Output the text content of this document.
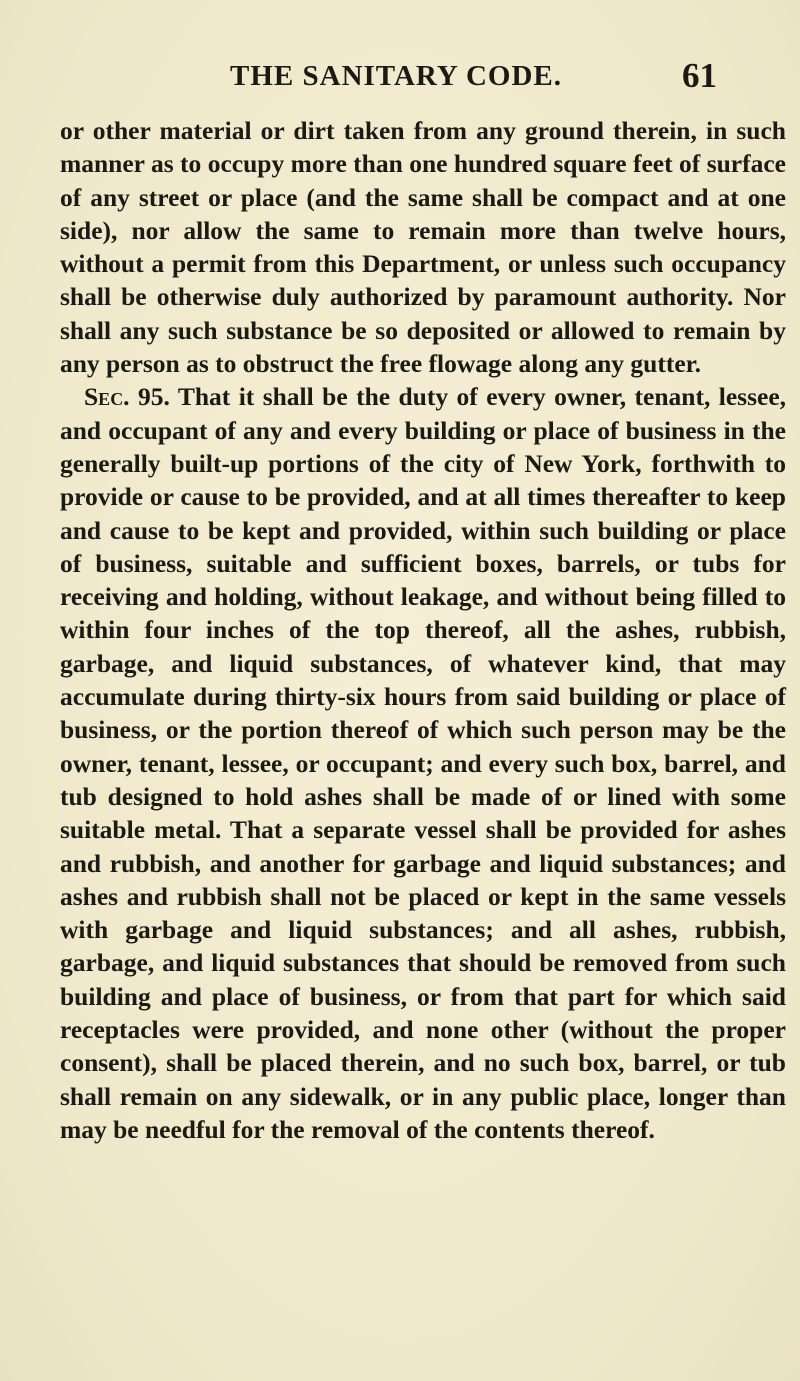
THE SANITARY CODE.	61

or other material or dirt taken from any ground therein, in such manner as to occupy more than one hundred square feet of surface of any street or place (and the same shall be compact and at one side), nor allow the same to remain more than twelve hours, without a permit from this Department, or unless such occupancy shall be otherwise duly authorized by paramount authority. Nor shall any such substance be so deposited or allowed to remain by any person as to obstruct the free flowage along any gutter.

Sec. 95. That it shall be the duty of every owner, tenant, lessee, and occupant of any and every building or place of business in the generally built-up portions of the city of New York, forthwith to provide or cause to be provided, and at all times thereafter to keep and cause to be kept and provided, within such building or place of business, suitable and sufficient boxes, barrels, or tubs for receiving and holding, without leakage, and without being filled to within four inches of the top thereof, all the ashes, rubbish, garbage, and liquid substances, of whatever kind, that may accumulate during thirty-six hours from said building or place of business, or the portion thereof of which such person may be the owner, tenant, lessee, or occupant; and every such box, barrel, and tub designed to hold ashes shall be made of or lined with some suitable metal. That a separate vessel shall be provided for ashes and rubbish, and another for garbage and liquid substances; and ashes and rubbish shall not be placed or kept in the same vessels with garbage and liquid substances; and all ashes, rubbish, garbage, and liquid substances that should be removed from such building and place of business, or from that part for which said receptacles were provided, and none other (without the proper consent), shall be placed therein, and no such box, barrel, or tub shall remain on any sidewalk, or in any public place, longer than may be needful for the removal of the contents thereof.
